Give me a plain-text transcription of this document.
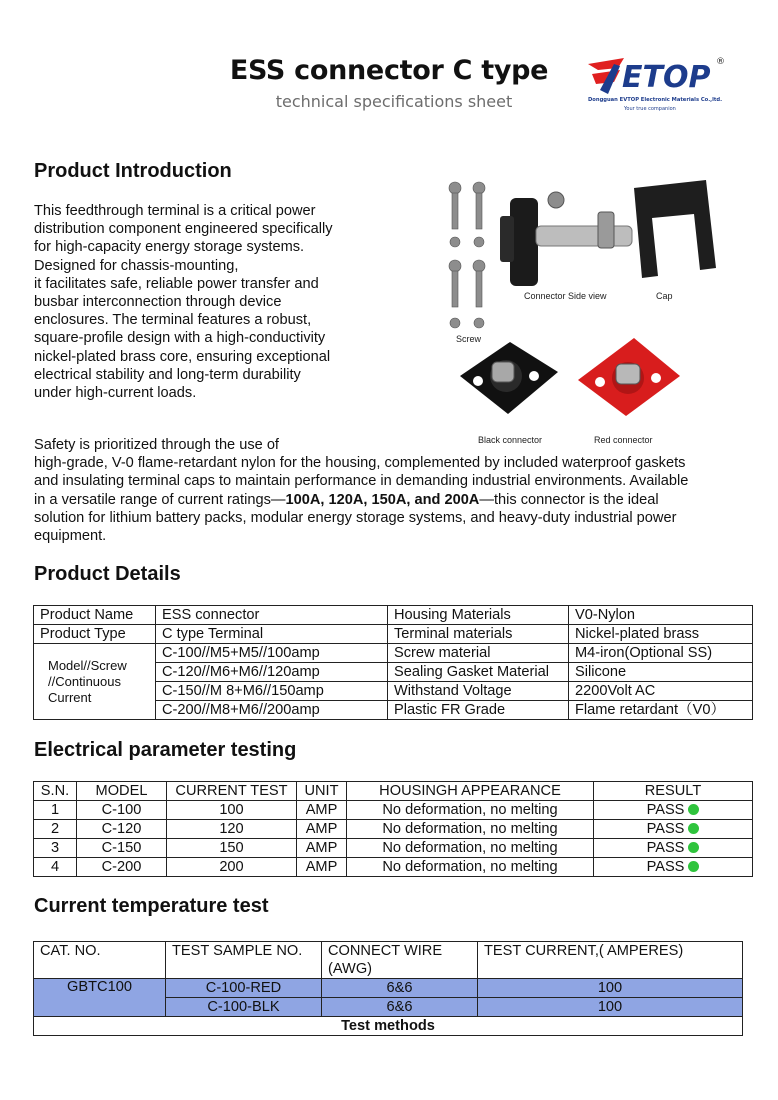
ESS connector C type
technical specifications sheet
ETOP ®
Dongguan EVTOP Electronic Materials Co.,ltd.
Your true companion
Product Introduction
This feedthrough terminal is a critical power
distribution component engineered specifically
for high-capacity energy storage systems.
Designed for chassis-mounting,
it facilitates safe, reliable power transfer and
busbar interconnection through device
enclosures. The terminal features a robust,
square-profile design with a high-conductivity
nickel-plated brass core, ensuring exceptional
electrical stability and long-term durability
under high-current loads.
Screw
Connector Side view	Cap
Black connector	Red connector
Safety is prioritized through the use of
high-grade, V-0 flame-retardant nylon for the housing, complemented by included waterproof gaskets
and insulating terminal caps to maintain performance in demanding industrial environments. Available
in a versatile range of current ratings—100A, 120A, 150A, and 200A—this connector is the ideal
solution for lithium battery packs, modular energy storage systems, and heavy-duty industrial power
equipment.
Product Details
Product Name	ESS connector	Housing Materials	V0-Nylon
Product Type	C type Terminal	Terminal materials	Nickel-plated brass
Model//Screw //Continuous Current	C-100//M5+M5//100amp	Screw material	M4-iron(Optional SS)
	C-120//M6+M6//120amp	Sealing Gasket Material	Silicone
	C-150//M 8+M6//150amp	Withstand Voltage	2200Volt AC
	C-200//M8+M6//200amp	Plastic FR Grade	Flame retardant（V0）
Electrical parameter testing
S.N.	MODEL	CURRENT TEST	UNIT	HOUSINGH APPEARANCE	RESULT
1	C-100	100	AMP	No deformation, no melting	PASS
2	C-120	120	AMP	No deformation, no melting	PASS
3	C-150	150	AMP	No deformation, no melting	PASS
4	C-200	200	AMP	No deformation, no melting	PASS
Current temperature test
CAT. NO.	TEST SAMPLE NO.	CONNECT WIRE (AWG)	TEST CURRENT,( AMPERES)
GBTC100	C-100-RED	6&6	100
	C-100-BLK	6&6	100
Test methods			
